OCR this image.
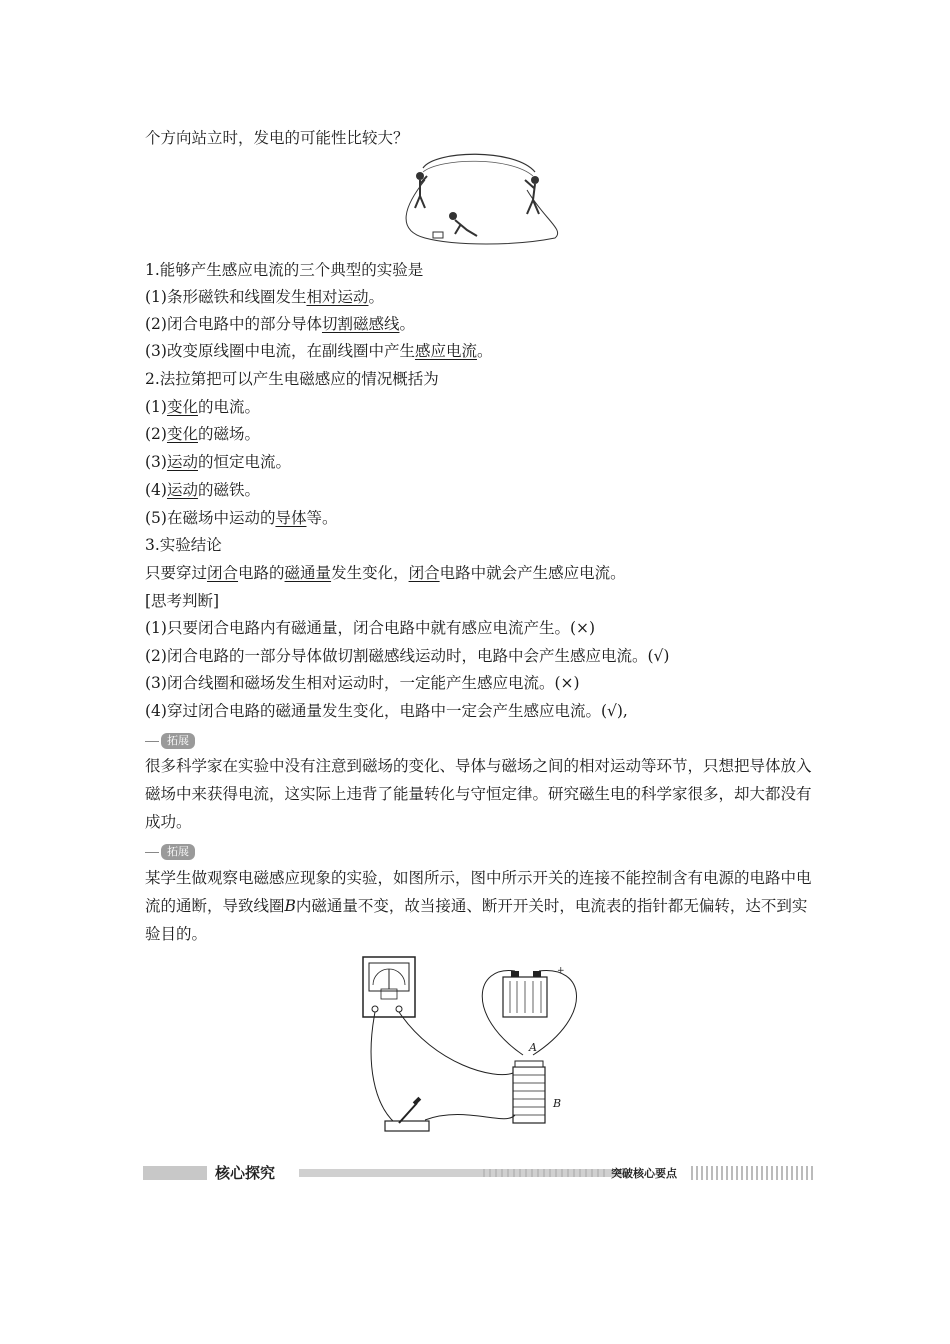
个方向站立时，发电的可能性比较大？
1.能够产生感应电流的三个典型的实验是
(1)条形磁铁和线圈发生相对运动。
(2)闭合电路中的部分导体切割磁感线。
(3)改变原线圈中电流，在副线圈中产生感应电流。
2.法拉第把可以产生电磁感应的情况概括为
(1)变化的电流。
(2)变化的磁场。
(3)运动的恒定电流。
(4)运动的磁铁。
(5)在磁场中运动的导体等。
3.实验结论
只要穿过闭合电路的磁通量发生变化，闭合电路中就会产生感应电流。
[思考判断]
(1)只要闭合电路内有磁通量，闭合电路中就有感应电流产生。(×)
(2)闭合电路的一部分导体做切割磁感线运动时，电路中会产生感应电流。(√)
(3)闭合线圈和磁场发生相对运动时，一定能产生感应电流。(×)
(4)穿过闭合电路的磁通量发生变化，电路中一定会产生感应电流。(√),
拓展
很多科学家在实验中没有注意到磁场的变化、导体与磁场之间的相对运动等环节，只想把导体放入磁场中来获得电流，这实际上违背了能量转化与守恒定律。研究磁生电的科学家很多，却大都没有成功。
拓展
某学生做观察电磁感应现象的实验，如图所示，图中所示开关的连接不能控制含有电源的电路中电流的通断，导致线圈B内磁通量不变，故当接通、断开开关时，电流表的指针都无偏转，达不到实验目的。
+
A
B
核心探究	突破核心要点
